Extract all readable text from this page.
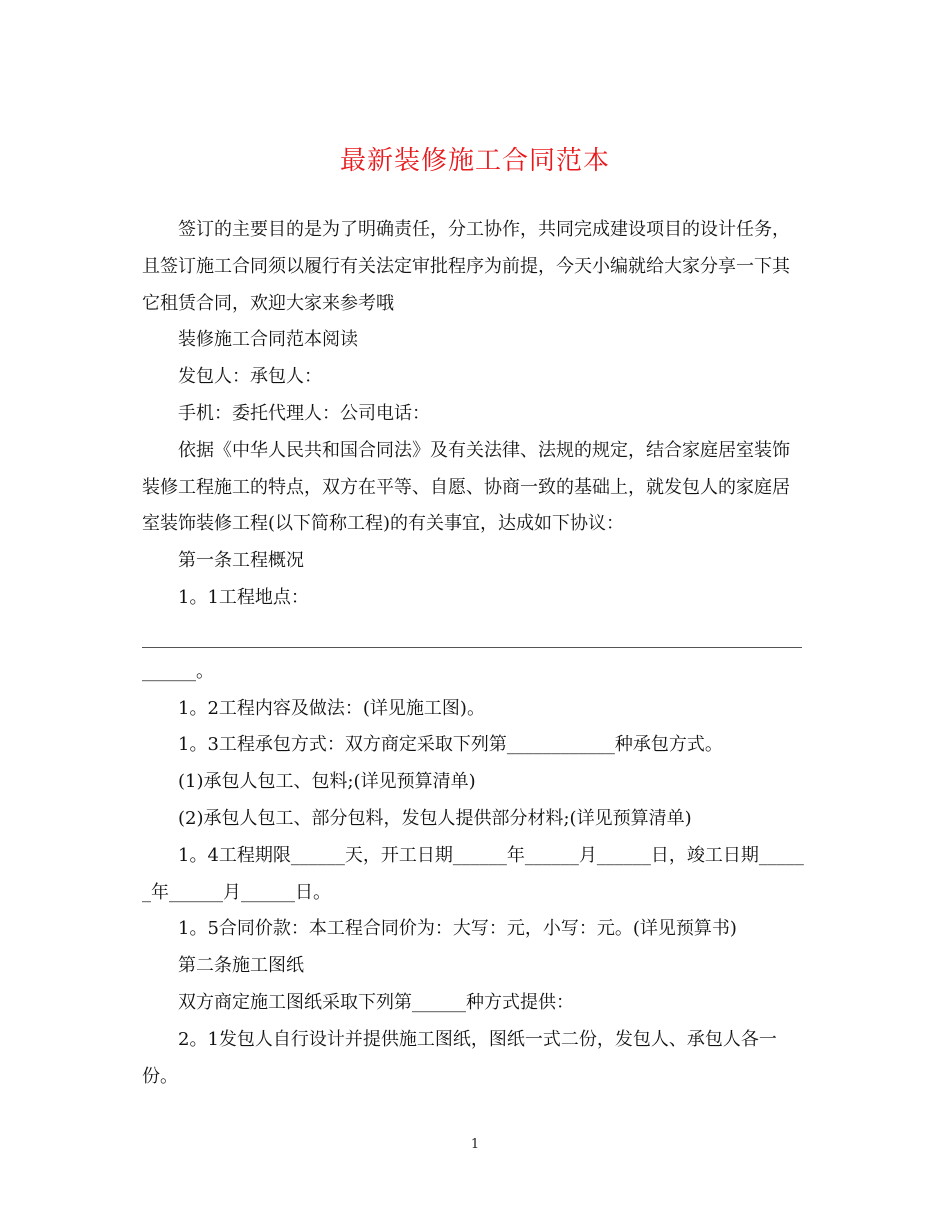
最新装修施工合同范本

签订的主要目的是为了明确责任，分工协作，共同完成建设项目的设计任务，且签订施工合同须以履行有关法定审批程序为前提，今天小编就给大家分享一下其它租赁合同，欢迎大家来参考哦

装修施工合同范本阅读

发包人：承包人：

手机：委托代理人：公司电话：

依据《中华人民共和国合同法》及有关法律、法规的规定，结合家庭居室装饰装修工程施工的特点，双方在平等、自愿、协商一致的基础上，就发包人的家庭居室装饰装修工程(以下简称工程)的有关事宜，达成如下协议：

第一条工程概况

1。1工程地点：

______。

1。2工程内容及做法：(详见施工图)。

1。3工程承包方式：双方商定采取下列第____________种承包方式。

(1)承包人包工、包料;(详见预算清单)

(2)承包人包工、部分包料，发包人提供部分材料;(详见预算清单)

1。4工程期限______天，开工日期______年______月______日，竣工日期______年______月______日。

1。5合同价款：本工程合同价为：大写：元，小写：元。(详见预算书)

第二条施工图纸

双方商定施工图纸采取下列第______种方式提供：

2。1发包人自行设计并提供施工图纸，图纸一式二份，发包人、承包人各一份。

1
